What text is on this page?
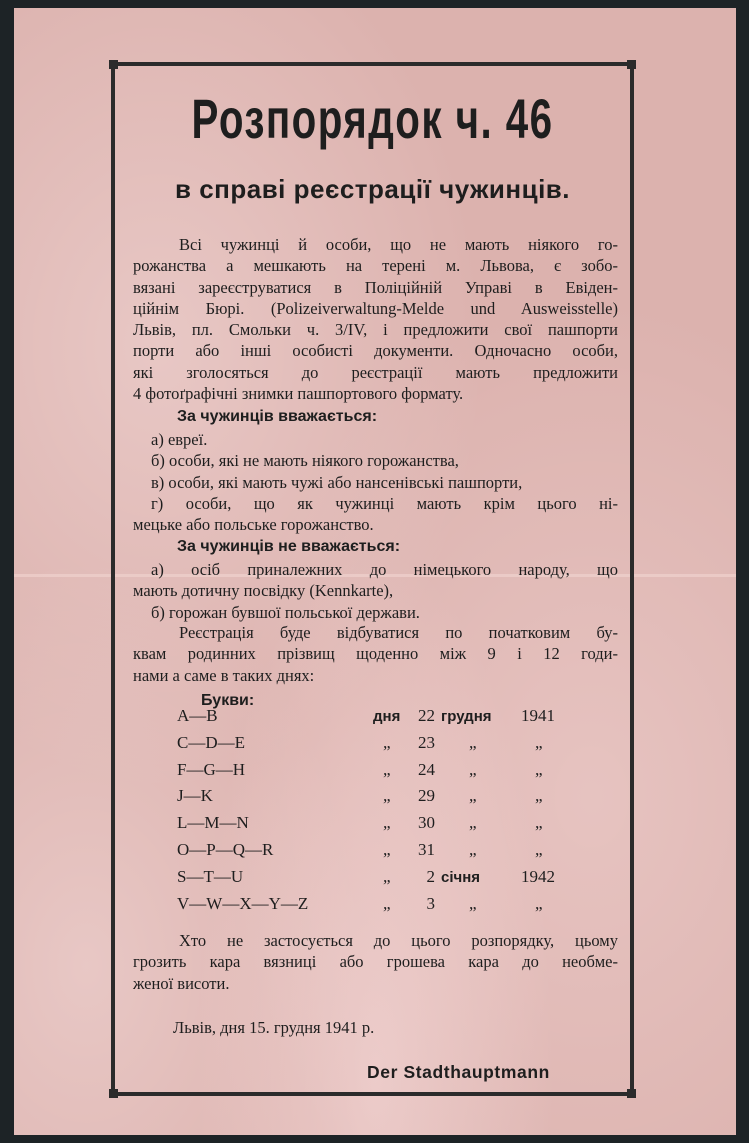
Розпорядок ч. 46
в справі реєстрації чужинців.
Всі чужинці й особи, що не мають ніякого го-
рожанства а мешкають на терені м. Львова, є зобо-
вязані зареєструватися в Поліційній Управі в Евіден-
ційнім Бюрі. (Polizeiverwaltung-Melde und Ausweisstelle)
Львів, пл. Смольки ч. 3/IV, і предложити свої пашпорти
порти або інші особисті документи. Одночасно особи,
які зголосяться до реєстрації мають предложити
4 фотоґрафічні знимки пашпортового формату.
За чужинців вважається:
а) евреї.
б) особи, які не мають ніякого горожанства,
в) особи, які мають чужі або нансенівські пашпорти,
г) особи, що як чужинці мають крім цього ні-
мецьке або польське горожанство.
За чужинців не вважається:
а) осіб приналежних до німецького народу, що
мають дотичну посвідку (Kennkarte),
б) горожан бувшої польської держави.
Реєстрація буде відбуватися по початковим бу-
квам родинних прізвищ щоденно між 9 і 12 годи-
нами а саме в таких днях:
Букви:
A—B	дня 22 грудня 1941
C—D—E	„ 23 „	„
F—G—H	„ 24 „	„
J—K	„ 29 „	„
L—M—N	„ 30 „	„
O—P—Q—R	„ 31 „	„
S—T—U	„	2 січня 1942
V—W—X—Y—Z	„	3 „	„
Хто не застосується до цього розпорядку, цьому
грозить кара вязниці або грошева кара до необме-
женої висоти.
Львів, дня 15. грудня 1941 р.
Der Stadthauptmann
